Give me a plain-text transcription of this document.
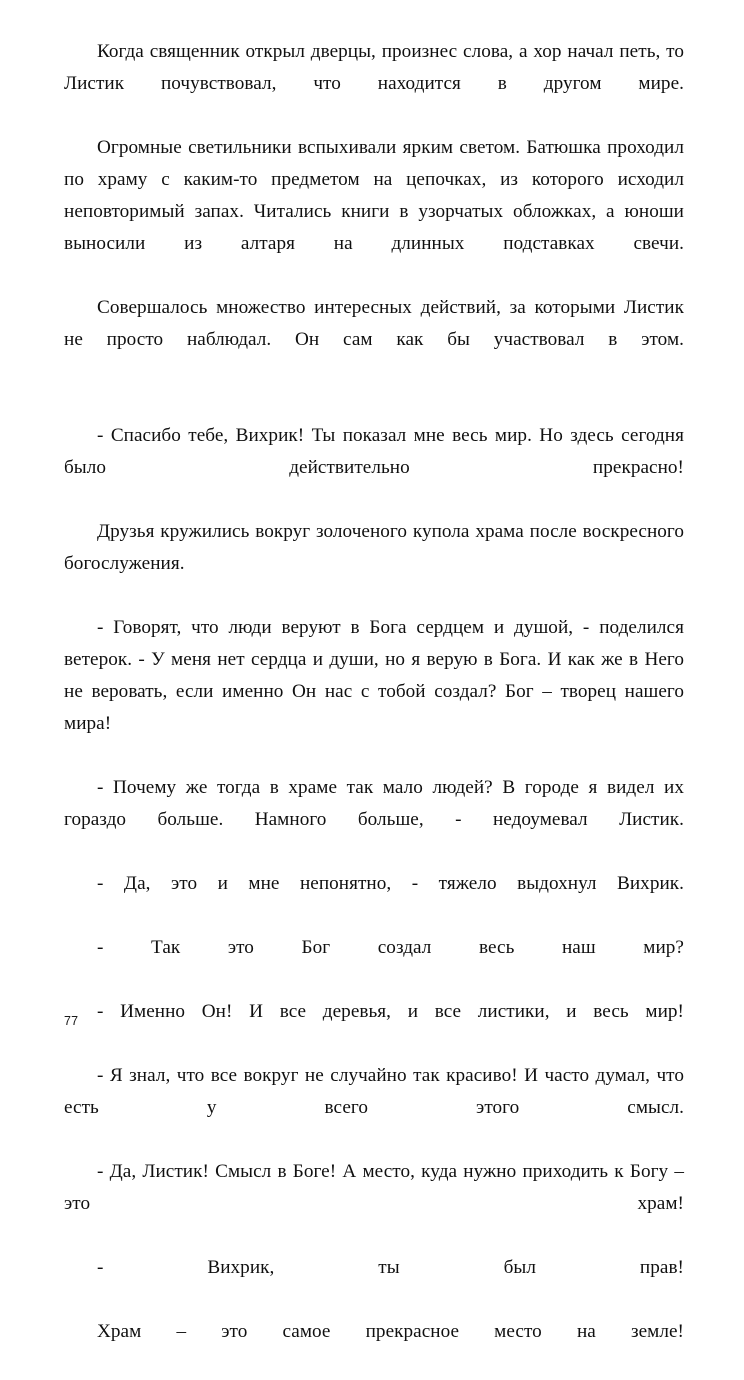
Когда священник открыл дверцы, произнес слова, а хор начал петь, то Листик почувствовал, что находится в другом мире.

Огромные светильники вспыхивали ярким светом. Батюшка проходил по храму с каким-то предметом на цепочках, из которого исходил неповторимый запах. Читались книги в узорчатых обложках, а юноши выносили из алтаря на длинных подставках свечи.

Совершалось множество интересных действий, за которыми Листик не просто наблюдал. Он сам как бы участвовал в этом.

- Спасибо тебе, Вихрик! Ты показал мне весь мир. Но здесь сегодня было действительно прекрасно!

Друзья кружились вокруг золоченого купола храма после воскресного богослужения.

- Говорят, что люди веруют в Бога сердцем и душой, - поделился ветерок. - У меня нет сердца и души, но я верую в Бога. И как же в Него не веровать, если именно Он нас с тобой создал? Бог – творец нашего мира!

- Почему же тогда в храме так мало людей? В городе я видел их гораздо больше. Намного больше, - недоумевал Листик.

- Да, это и мне непонятно, - тяжело выдохнул Вихрик.

- Так это Бог создал весь наш мир?

- Именно Он! И все деревья, и все листики, и весь мир!

- Я знал, что все вокруг не случайно так красиво! И часто думал, что есть у всего этого смысл.

- Да, Листик! Смысл в Боге! А место, куда нужно приходить к Богу – это храм!

- Вихрик, ты был прав!

Храм – это самое прекрасное место на земле!

77
